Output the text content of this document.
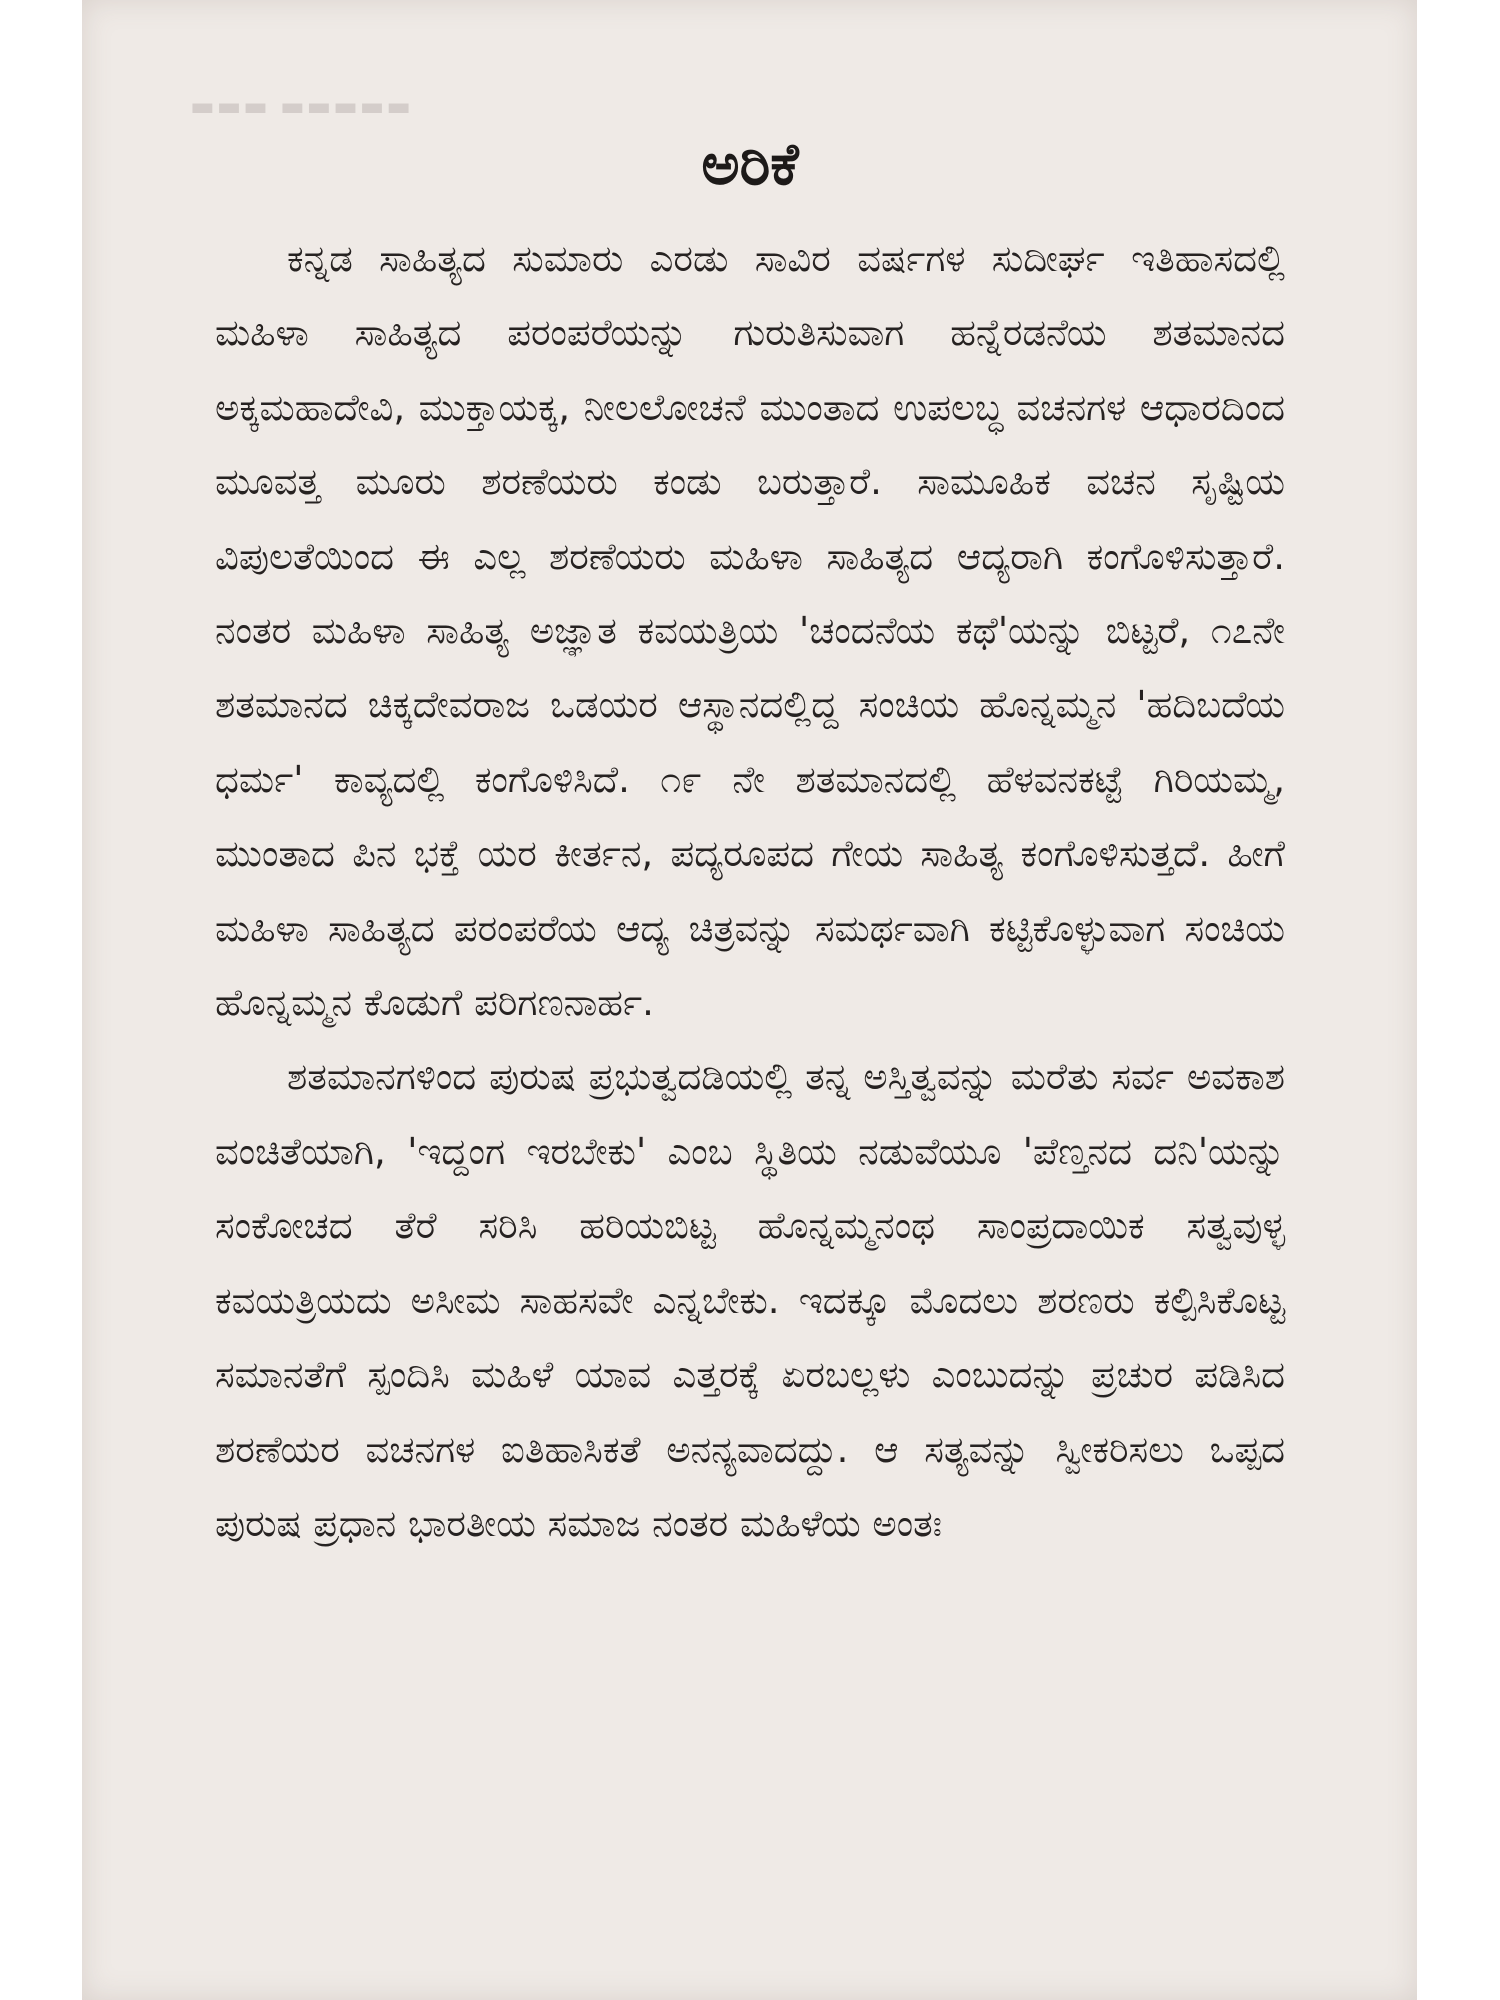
▬▬▬ ▬▬▬▬▬
ಅರಿಕೆ

ಕನ್ನಡ ಸಾಹಿತ್ಯದ ಸುಮಾರು ಎರಡು ಸಾವಿರ ವರ್ಷಗಳ ಸುದೀರ್ಘ ಇತಿಹಾಸದಲ್ಲಿ ಮಹಿಳಾ ಸಾಹಿತ್ಯದ ಪರಂಪರೆಯನ್ನು ಗುರುತಿಸುವಾಗ ಹನ್ನೆರಡನೆಯ ಶತಮಾನದ ಅಕ್ಕಮಹಾದೇವಿ, ಮುಕ್ತಾಯಕ್ಕ, ನೀಲಲೋಚನೆ ಮುಂತಾದ ಉಪಲಬ್ಧ ವಚನಗಳ ಆಧಾರದಿಂದ ಮೂವತ್ತ ಮೂರು ಶರಣೆಯರು ಕಂಡು ಬರುತ್ತಾರೆ. ಸಾಮೂಹಿಕ ವಚನ ಸೃಷ್ಟಿಯ ವಿಪುಲತೆಯಿಂದ ಈ ಎಲ್ಲ ಶರಣೆಯರು ಮಹಿಳಾ ಸಾಹಿತ್ಯದ ಆದ್ಯರಾಗಿ ಕಂಗೊಳಿಸುತ್ತಾರೆ. ನಂತರ ಮಹಿಳಾ ಸಾಹಿತ್ಯ ಅಜ್ಞಾತ ಕವಯತ್ರಿಯ 'ಚಂದನೆಯ ಕಥೆ'ಯನ್ನು ಬಿಟ್ಟರೆ, ೧೭ನೇ ಶತಮಾನದ ಚಿಕ್ಕದೇವರಾಜ ಒಡಯರ ಆಸ್ಥಾನದಲ್ಲಿದ್ದ ಸಂಚಿಯ ಹೊನ್ನಮ್ಮನ 'ಹದಿಬದೆಯ ಧರ್ಮ' ಕಾವ್ಯದಲ್ಲಿ ಕಂಗೊಳಿಸಿದೆ. ೧೯ ನೇ ಶತಮಾನದಲ್ಲಿ ಹೆಳವನಕಟ್ಟೆ ಗಿರಿಯಮ್ಮ, ಮುಂತಾದ ಪಿನ ಭಕ್ತೆ ಯರ ಕೀರ್ತನ, ಪದ್ಯರೂಪದ ಗೇಯ ಸಾಹಿತ್ಯ ಕಂಗೊಳಿಸುತ್ತದೆ. ಹೀಗೆ ಮಹಿಳಾ ಸಾಹಿತ್ಯದ ಪರಂಪರೆಯ ಆದ್ಯ ಚಿತ್ರವನ್ನು ಸಮರ್ಥವಾಗಿ ಕಟ್ಟಿಕೊಳ್ಳುವಾಗ ಸಂಚಿಯ ಹೊನ್ನಮ್ಮನ ಕೊಡುಗೆ ಪರಿಗಣನಾರ್ಹ.

ಶತಮಾನಗಳಿಂದ ಪುರುಷ ಪ್ರಭುತ್ವದಡಿಯಲ್ಲಿ ತನ್ನ ಅಸ್ತಿತ್ವವನ್ನು ಮರೆತು ಸರ್ವ ಅವಕಾಶ ವಂಚಿತೆಯಾಗಿ, 'ಇದ್ದಂಗ ಇರಬೇಕು' ಎಂಬ ಸ್ಥಿತಿಯ ನಡುವೆಯೂ 'ಪೆಣ್ತನದ ದನಿ'ಯನ್ನು ಸಂಕೋಚದ ತೆರೆ ಸರಿಸಿ ಹರಿಯಬಿಟ್ಟ ಹೊನ್ನಮ್ಮನಂಥ ಸಾಂಪ್ರದಾಯಿಕ ಸತ್ವವುಳ್ಳ ಕವಯತ್ರಿಯದು ಅಸೀಮ ಸಾಹಸವೇ ಎನ್ನಬೇಕು. ಇದಕ್ಕೂ ಮೊದಲು ಶರಣರು ಕಲ್ಪಿಸಿಕೊಟ್ಟ ಸಮಾನತೆಗೆ ಸ್ಪಂದಿಸಿ ಮಹಿಳೆ ಯಾವ ಎತ್ತರಕ್ಕೆ ಏರಬಲ್ಲಳು ಎಂಬುದನ್ನು ಪ್ರಚುರ ಪಡಿಸಿದ ಶರಣೆಯರ ವಚನಗಳ ಐತಿಹಾಸಿಕತೆ ಅನನ್ಯವಾದದ್ದು. ಆ ಸತ್ಯವನ್ನು ಸ್ವೀಕರಿಸಲು ಒಪ್ಪದ ಪುರುಷ ಪ್ರಧಾನ ಭಾರತೀಯ ಸಮಾಜ ನಂತರ ಮಹಿಳೆಯ ಅಂತಃ
